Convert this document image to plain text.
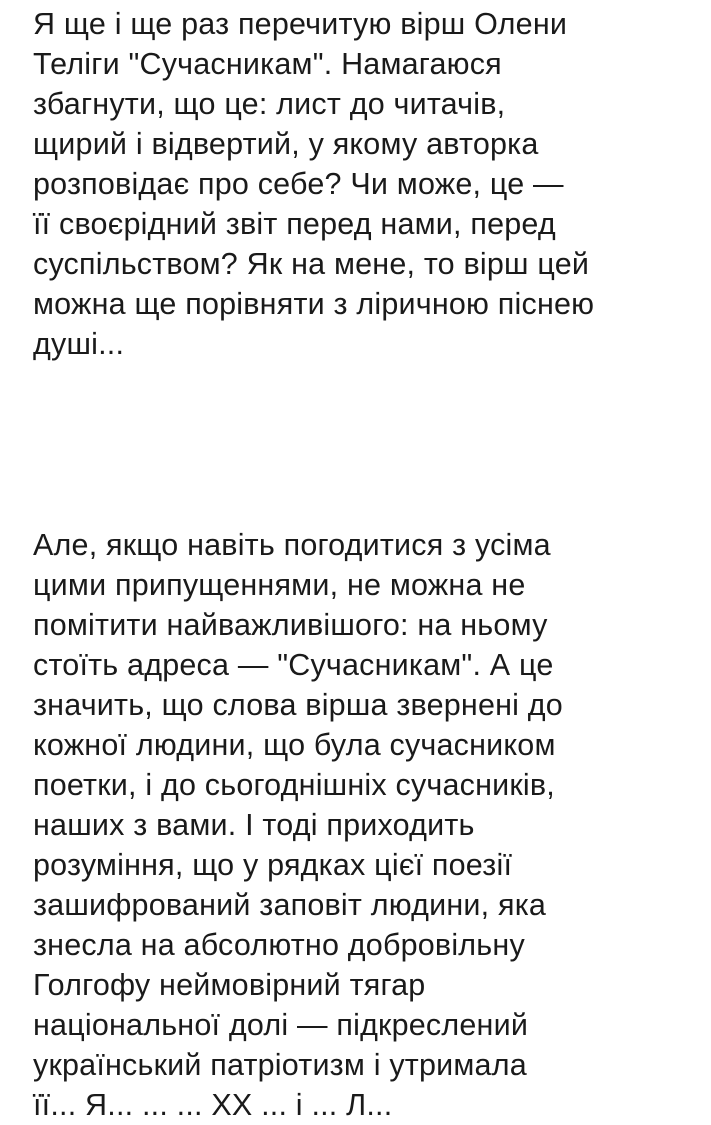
Я ще і ще раз перечитую вірш Олени
Теліги "Сучасникам". Намагаюся
збагнути, що це: лист до читачів,
щирий і відвертий, у якому авторка
розповідає про себе? Чи може, це —
її своєрідний звіт перед нами, перед
суспільством? Як на мене, то вірш цей
можна ще порівняти з ліричною піснею
душі...
Але, якщо навіть погодитися з усіма
цими припущеннями, не можна не
помітити найважливішого: на ньому
стоїть адреса — "Сучасникам". А це
значить, що слова вірша звернені до
кожної людини, що була сучасником
поетки, і до сьогоднішніх сучасників,
наших з вами. І тоді приходить
розуміння, що у рядках цієї поезії
зашифрований заповіт людини, яка
знесла на абсолютно добровільну
Голгофу неймовірний тягар
національної долі — підкреслений
український патріотизм і утримала
її... Я... ... ... ХХ ... і ... Л...
